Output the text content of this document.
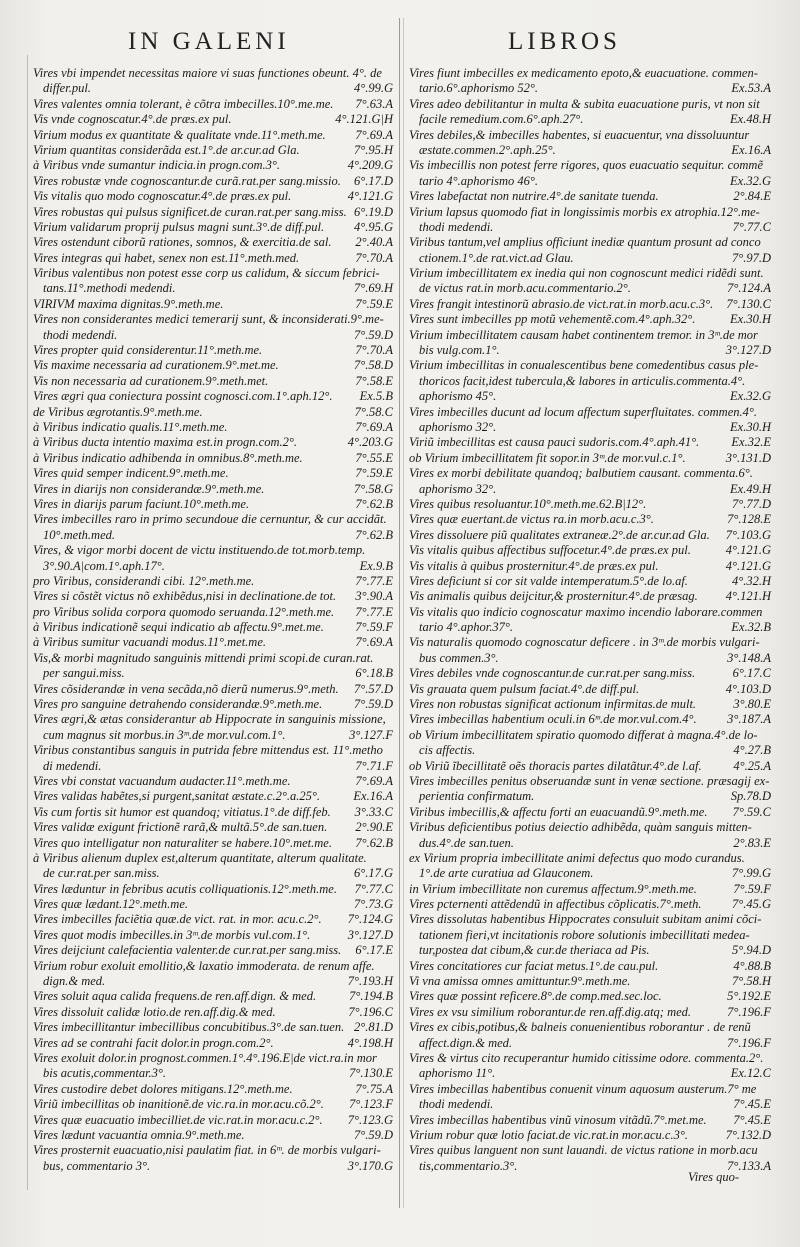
IN GALENI	LIBROS
Vires vbi impendet necessitas maiore vi suas functiones obeunt. 4°. de
differ.pul.	4°.99.G
Vires valentes omnia tolerant, è cõtra imbecilles.10°.me.me.	7°.63.A
Vis vnde cognoscatur.4°.de præs.ex pul.	4°.121.G|H
Virium modus ex quantitate & qualitate vnde.11°.meth.me.	7°.69.A
Virium quantitas considerãda est.1°.de ar.cur.ad Gla.	7°.95.H
à Viribus vnde sumantur indicia.in progn.com.3°.	4°.209.G
Vires robustæ vnde cognoscantur.de curã.rat.per sang.missio.	6°.17.D
Vis vitalis quo modo cognoscatur.4°.de præs.ex pul.	4°.121.G
Vires robustas qui pulsus significet.de curan.rat.per sang.miss. 6°.19.D
Virium validarum proprij pulsus magni sunt.3°.de diff.pul.	4°.95.G
Vires ostendunt ciborũ rationes, somnos, & exercitia.de sal.	2°.40.A
Vires integras qui habet, senex non est.11°.meth.med.	7°.70.A
Viribus valentibus non potest esse corp us calidum, & siccum febrici-
tans.11°.methodi medendi.	7°.69.H
VIRIVM maxima dignitas.9°.meth.me.	7°.59.E
Vires non considerantes medici temerarij sunt, & inconsiderati.9°.me-
thodi medendi.	7°.59.D
Vires propter quid considerentur.11°.meth.me.	7°.70.A
Vis maxime necessaria ad curationem.9°.met.me.	7°.58.D
Vis non necessaria ad curationem.9°.meth.met.	7°.58.E
Vires ægri qua coniectura possint cognosci.com.1°.aph.12°.	Ex.5.B
de Viribus ægrotantis.9°.meth.me.	7°.58.C
à Viribus indicatio qualis.11°.meth.me.	7°.69.A
à Viribus ducta intentio maxima est.in progn.com.2°.	4°.203.G
à Viribus indicatio adhibenda in omnibus.8°.meth.me.	7°.55.E
Vires quid semper indicent.9°.meth.me.	7°.59.E
Vires in diarijs non considerandæ.9°.meth.me.	7°.58.G
Vires in diarijs parum faciunt.10°.meth.me.	7°.62.B
Vires imbecilles raro in primo secundoue die cernuntur, & cur accidãt.
10°.meth.med.	7°.62.B
Vires, & vigor morbi docent de victu instituendo.de tot.morb.temp.
3°.90.A|com.1°.aph.17°.	Ex.9.B
pro Viribus, considerandi cibi. 12°.meth.me.	7°.77.E
Vires si cõstẽt victus nõ exhibẽdus,nisi in declinatione.de tot.	3°.90.A
pro Viribus solida corpora quomodo seruanda.12°.meth.me.	7°.77.E
à Viribus indicationẽ sequi indicatio ab affectu.9°.met.me.	7°.59.F
à Viribus sumitur vacuandi modus.11°.met.me.	7°.69.A
Vis,& morbi magnitudo sanguinis mittendi primi scopi.de curan.rat.
per sangui.miss.	6°.18.B
Vires cõsiderandæ in vena secãda,nõ dierũ numerus.9°.meth.	7°.57.D
Vires pro sanguine detrahendo considerandæ.9°.meth.me.	7°.59.D
Vires ægri,& ætas considerantur ab Hippocrate in sanguinis missione,
cum magnus sit morbus.in 3ᵐ.de mor.vul.com.1°.	3°.127.F
Viribus constantibus sanguis in putrida febre mittendus est. 11°.metho
di medendi.	7°.71.F
Vires vbi constat vacuandum audacter.11°.meth.me.	7°.69.A
Vires validas habẽtes,si purgent,sanitat æstate.c.2°.a.25°.	Ex.16.A
Vis cum fortis sit humor est quandoq; vitiatus.1°.de diff.feb.	3°.33.C
Vires validæ exigunt frictionẽ rarã,& multã.5°.de san.tuen.	2°.90.E
Vires quo intelligatur non naturaliter se habere.10°.met.me.	7°.62.B
à Viribus alienum duplex est,alterum quantitate, alterum qualitate.
de cur.rat.per san.miss.	6°.17.G
Vires læduntur in febribus acutis colliquationis.12°.meth.me.	7°.77.C
Vires quæ lædant.12°.meth.me.	7°.73.G
Vires imbecilles faciẽtia quæ.de vict. rat. in mor. acu.c.2°.	7°.124.G
Vires quot modis imbecilles.in 3ᵐ.de morbis vul.com.1°.	3°.127.D
Vires deijciunt calefacientia valenter.de cur.rat.per sang.miss.	6°.17.E
Virium robur exoluit emollitio,& laxatio immoderata. de renum affe.
dign.& med.	7°.193.H
Vires soluit aqua calida frequens.de ren.aff.dign. & med.	7°.194.B
Vires dissoluit calidæ lotio.de ren.aff.dig.& med.	7°.196.C
Vires imbecillitantur imbecillibus concubitibus.3°.de san.tuen. 2°.81.D
Vires ad se contrahi facit dolor.in progn.com.2°.	4°.198.H
Vires exoluit dolor.in prognost.commen.1°.4°.196.E|de vict.ra.in mor
bis acutis,commentar.3°.	7°.130.E
Vires custodire debet dolores mitigans.12°.meth.me.	7°.75.A
Viriũ imbecillitas ob inanitionẽ.de vic.ra.in mor.acu.cõ.2°.	7°.123.F
Vires quæ euacuatio imbecilliet.de vic.rat.in mor.acu.c.2°.	7°.123.G
Vires lædunt vacuantia omnia.9°.meth.me.	7°.59.D
Vires prosternit euacuatio,nisi paulatim fiat. in 6ᵐ. de morbis vulgari-
bus, commentario 3°.	3°.170.G
Vires fiunt imbecilles ex medicamento epoto,& euacuatione. commen-
tario.6°.aphorismo 52°.	Ex.53.A
Vires adeo debilitantur in multa & subita euacuatione puris, vt non sit
facile remedium.com.6°.aph.27°.	Ex.48.H
Vires debiles,& imbecilles habentes, si euacuentur, vna dissoluuntur
æstate.commen.2°.aph.25°.	Ex.16.A
Vis imbecillis non potest ferre rigores, quos euacuatio sequitur. commẽ
tario 4°.aphorismo 46°.	Ex.32.G
Vires labefactat non nutrire.4°.de sanitate tuenda.	2°.84.E
Virium lapsus quomodo fiat in longissimis morbis ex atrophia.12°.me-
thodi medendi.	7°.77.C
Viribus tantum,vel amplius officiunt inediæ quantum prosunt ad conco
ctionem.1°.de rat.vict.ad Glau.	7°.97.D
Virium imbecillitatem ex inedia qui non cognoscunt medici ridẽdi sunt.
de victus rat.in morb.acu.commentario.2°.	7°.124.A
Vires frangit intestinorũ abrasio.de vict.rat.in morb.acu.c.3°.	7°.130.C
Vires sunt imbecilles pp motũ vehementẽ.com.4°.aph.32°.	Ex.30.H
Virium imbecillitatem causam habet continentem tremor. in 3ᵐ.de mor
bis vulg.com.1°.	3°.127.D
Virium imbecillitas in conualescentibus bene comedentibus casus ple-
thoricos facit,idest tubercula,& labores in articulis.commenta.4°.
aphorismo 45°.	Ex.32.G
Vires imbecilles ducunt ad locum affectum superfluitates. commen.4°.
aphorismo 32°.	Ex.30.H
Viriũ imbecillitas est causa pauci sudoris.com.4°.aph.41°.	Ex.32.E
ob Virium imbecillitatem fit sopor.in 3ᵐ.de mor.vul.c.1°.	3°.131.D
Vires ex morbi debilitate quandoq; balbutiem causant. commenta.6°.
aphorismo 32°.	Ex.49.H
Vires quibus resoluantur.10°.meth.me.62.B|12°.	7°.77.D
Vires quæ euertant.de victus ra.in morb.acu.c.3°.	7°.128.E
Vires dissoluere piũ qualitates extraneæ.2°.de ar.cur.ad Gla.	7°.103.G
Vis vitalis quibus affectibus suffocetur.4°.de præs.ex pul.	4°.121.G
Vis vitalis à quibus prosternitur.4°.de præs.ex pul.	4°.121.G
Vires deficiunt si cor sit valde intemperatum.5°.de lo.af.	4°.32.H
Vis animalis quibus deijcitur,& prosternitur.4°.de præsag.	4°.121.H
Vis vitalis quo indicio cognoscatur maximo incendio laborare.commen
tario 4°.aphor.37°.	Ex.32.B
Vis naturalis quomodo cognoscatur deficere . in 3ᵐ.de morbis vulgari-
bus commen.3°.	3°.148.A
Vires debiles vnde cognoscantur.de cur.rat.per sang.miss.	6°.17.C
Vis grauata quem pulsum faciat.4°.de diff.pul.	4°.103.D
Vires non robustas significat actionum infirmitas.de mult.	3°.80.E
Vires imbecillas habentium oculi.in 6ᵐ.de mor.vul.com.4°.	3°.187.A
ob Virium imbecillitatem spiratio quomodo differat à magna.4°.de lo-
cis affectis.	4°.27.B
ob Viriũ ĩbecillitatẽ oẽs thoracis partes dilatãtur.4°.de l.af.	4°.25.A
Vires imbecilles penitus obseruandæ sunt in venæ sectione. præsagij ex-
perientia confirmatum.	Sp.78.D
Viribus imbecillis,& affectu forti an euacuandũ.9°.meth.me.	7°.59.C
Viribus deficientibus potius deiectio adhibẽda, quàm sanguis mitten-
dus.4°.de san.tuen.	2°.83.E
ex Virium propria imbecillitate animi defectus quo modo curandus.
1°.de arte curatiua ad Glauconem.	7°.99.G
in Virium imbecillitate non curemus affectum.9°.meth.me.	7°.59.F
Vires pcternenti attẽdendũ in affectibus cõplicatis.7°.meth.	7°.45.G
Vires dissolutas habentibus Hippocrates consuluit subitam animi cõci-
tationem fieri,vt incitationis robore solutionis imbecillitati medea-
tur,postea dat cibum,& cur.de theriaca ad Pis.	5°.94.D
Vires concitatiores cur faciat metus.1°.de cau.pul.	4°.88.B
Vi vna amissa omnes amittuntur.9°.meth.me.	7°.58.H
Vires quæ possint reficere.8°.de comp.med.sec.loc.	5°.192.E
Vires ex vsu similium roborantur.de ren.aff.dig.atq; med.	7°.196.F
Vires ex cibis,potibus,& balneis conuenientibus roborantur . de renũ
affect.dign.& med.	7°.196.F
Vires & virtus cito recuperantur humido citissime odore. commenta.2°.
aphorismo 11°.	Ex.12.C
Vires imbecillas habentibus conuenit vinum aquosum austerum.7° me
thodi medendi.	7°.45.E
Vires imbecillas habentibus vinũ vinosum vitãdũ.7°.met.me.	7°.45.E
Virium robur quæ lotio faciat.de vic.rat.in mor.acu.c.3°.	7°.132.D
Vires quibus languent non sunt lauandi. de victus ratione in morb.acu
tis,commentario.3°.	7°.133.A
Vires quo-
